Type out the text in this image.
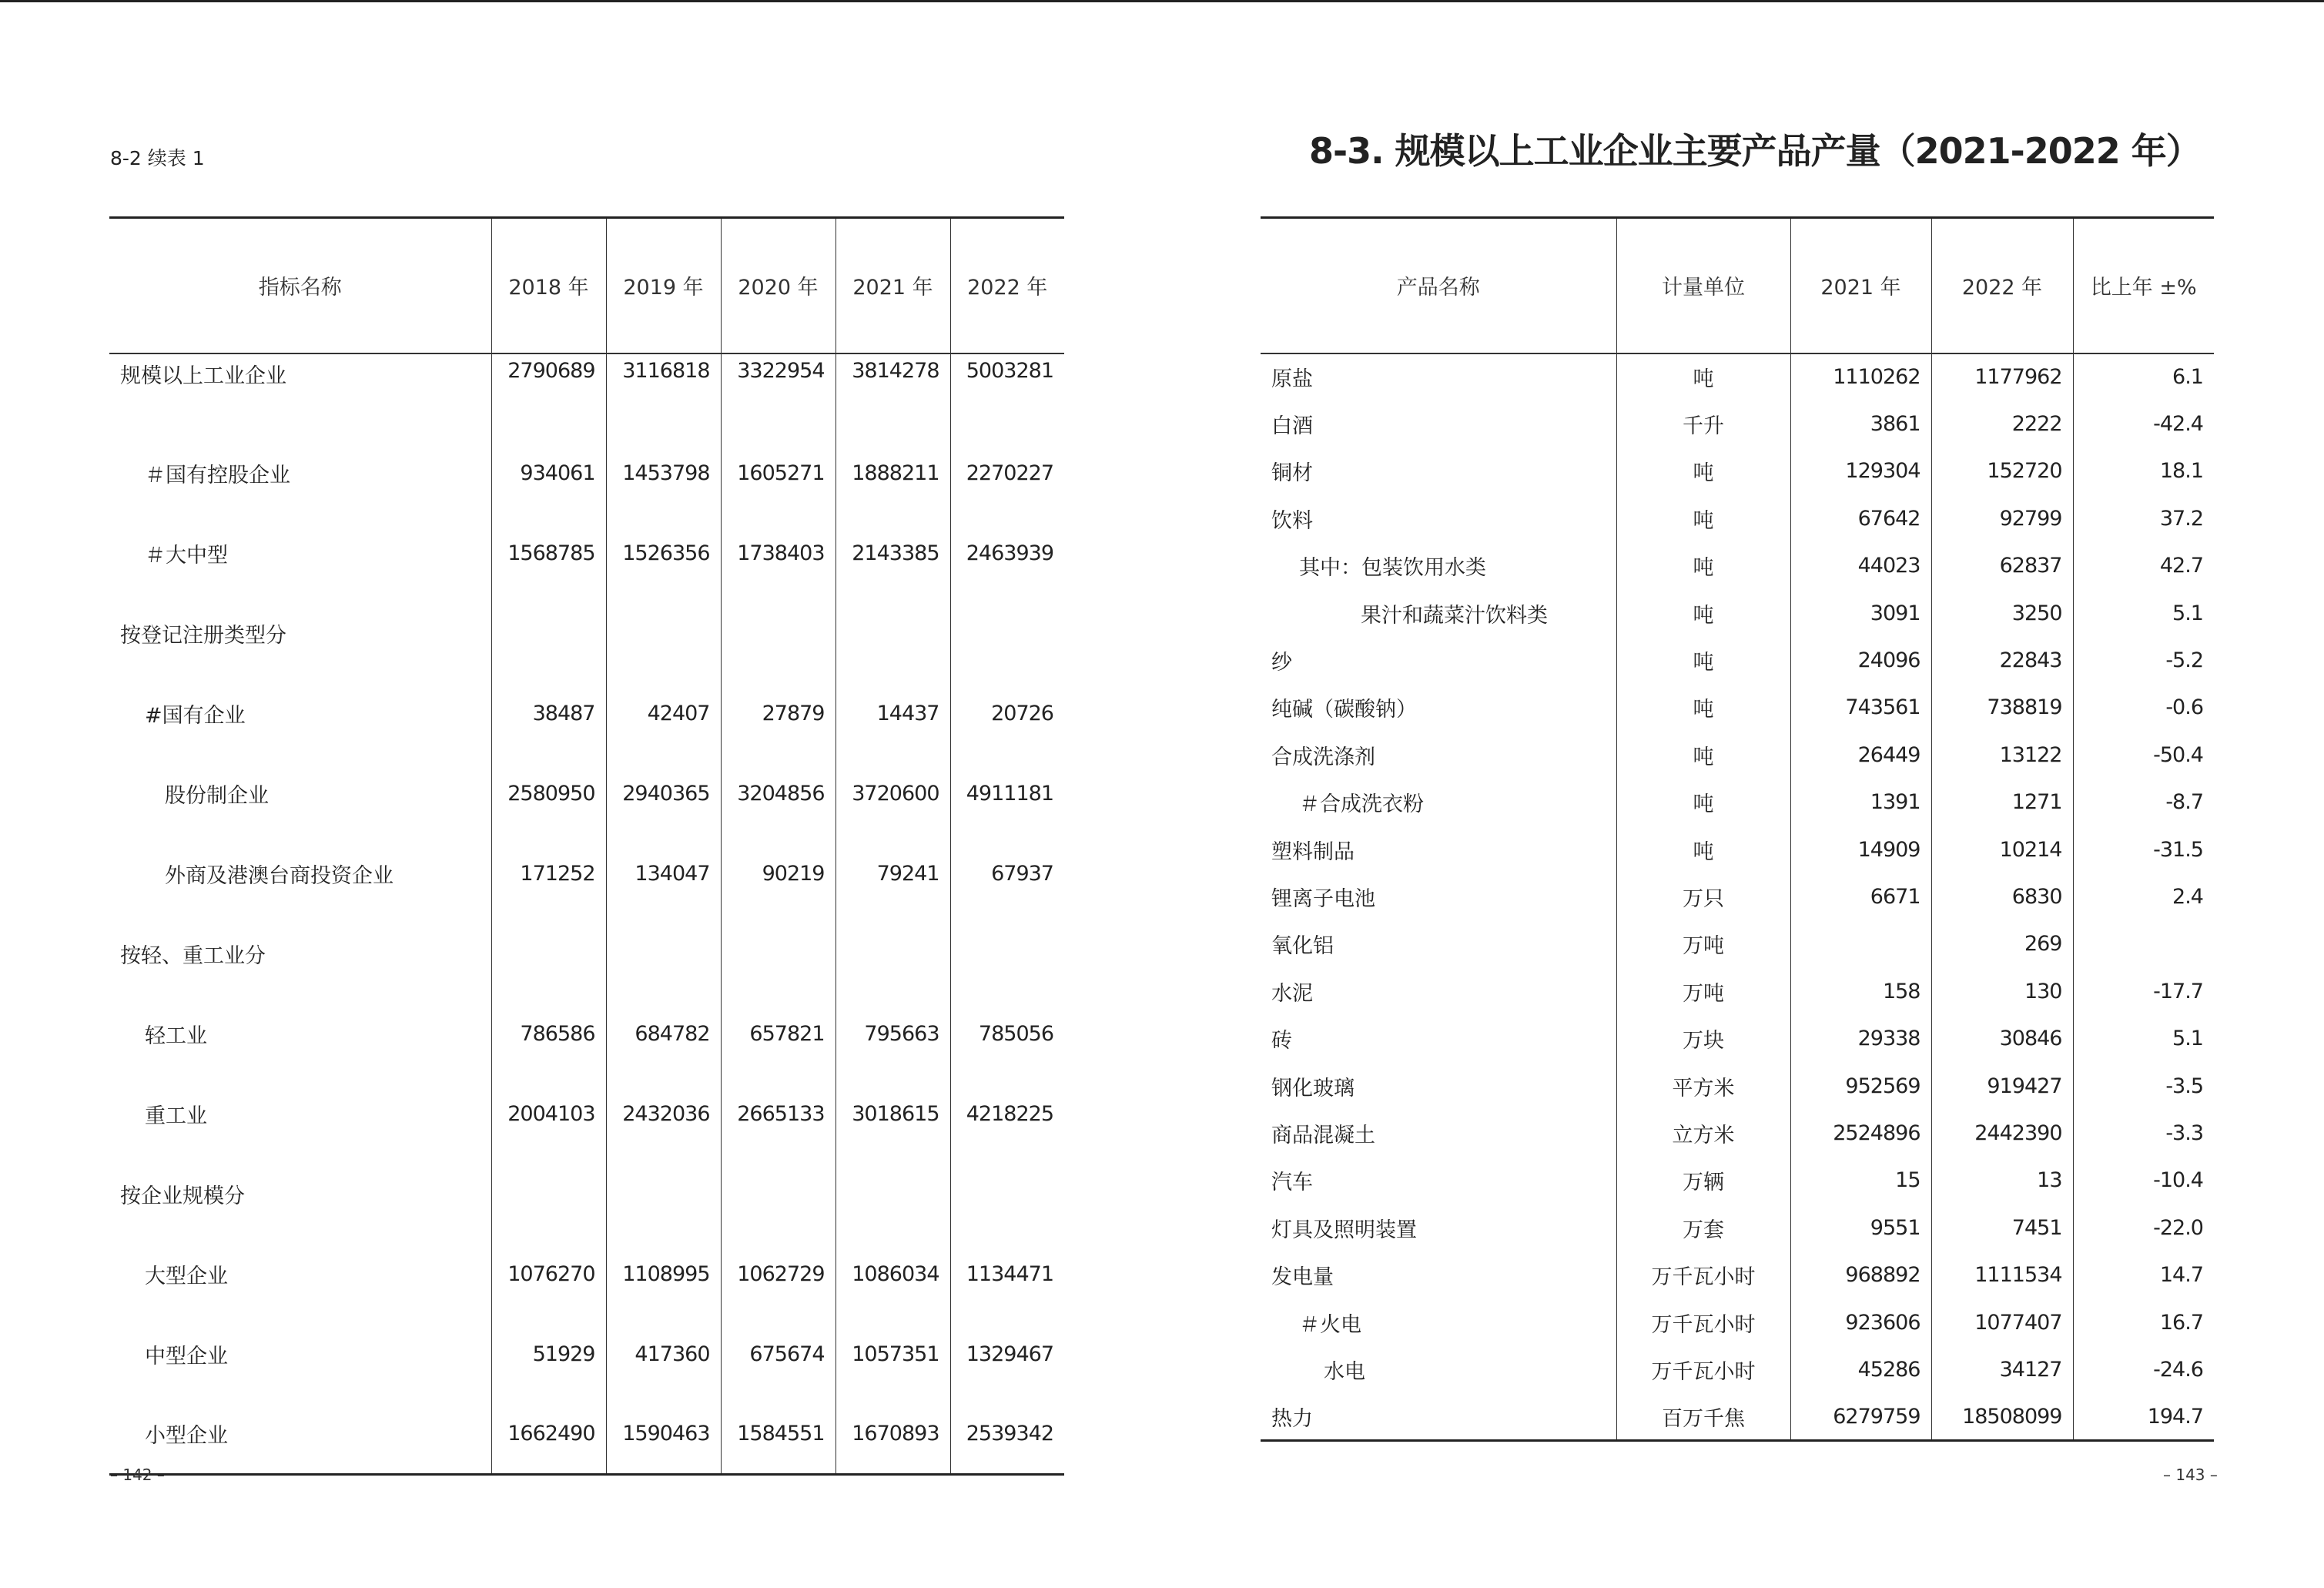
8-2 续表 1
指标名称	2018 年	2019 年	2020 年	2021 年	2022 年
规模以上工业企业	2790689	3116818	3322954	3814278	5003281
＃国有控股企业	934061	1453798	1605271	1888211	2270227
＃大中型	1568785	1526356	1738403	2143385	2463939
按登记注册类型分					
#国有企业	38487	42407	27879	14437	20726
股份制企业	2580950	2940365	3204856	3720600	4911181
外商及港澳台商投资企业	171252	134047	90219	79241	67937
按轻、重工业分					
轻工业	786586	684782	657821	795663	785056
重工业	2004103	2432036	2665133	3018615	4218225
按企业规模分					
大型企业	1076270	1108995	1062729	1086034	1134471
中型企业	51929	417360	675674	1057351	1329467
小型企业	1662490	1590463	1584551	1670893	2539342
– 142 –
8-3. 规模以上工业企业主要产品产量（2021-2022 年）
产品名称	计量单位	2021 年	2022 年	比上年 ±%
原盐	吨	1110262	1177962	6.1
白酒	千升	3861	2222	-42.4
铜材	吨	129304	152720	18.1
饮料	吨	67642	92799	37.2
其中：包装饮用水类	吨	44023	62837	42.7
果汁和蔬菜汁饮料类	吨	3091	3250	5.1
纱	吨	24096	22843	-5.2
纯碱（碳酸钠）	吨	743561	738819	-0.6
合成洗涤剂	吨	26449	13122	-50.4
＃合成洗衣粉	吨	1391	1271	-8.7
塑料制品	吨	14909	10214	-31.5
锂离子电池	万只	6671	6830	2.4
氧化铝	万吨		269	
水泥	万吨	158	130	-17.7
砖	万块	29338	30846	5.1
钢化玻璃	平方米	952569	919427	-3.5
商品混凝土	立方米	2524896	2442390	-3.3
汽车	万辆	15	13	-10.4
灯具及照明装置	万套	9551	7451	-22.0
发电量	万千瓦小时	968892	1111534	14.7
＃火电	万千瓦小时	923606	1077407	16.7
水电	万千瓦小时	45286	34127	-24.6
热力	百万千焦	6279759	18508099	194.7
– 143 –
